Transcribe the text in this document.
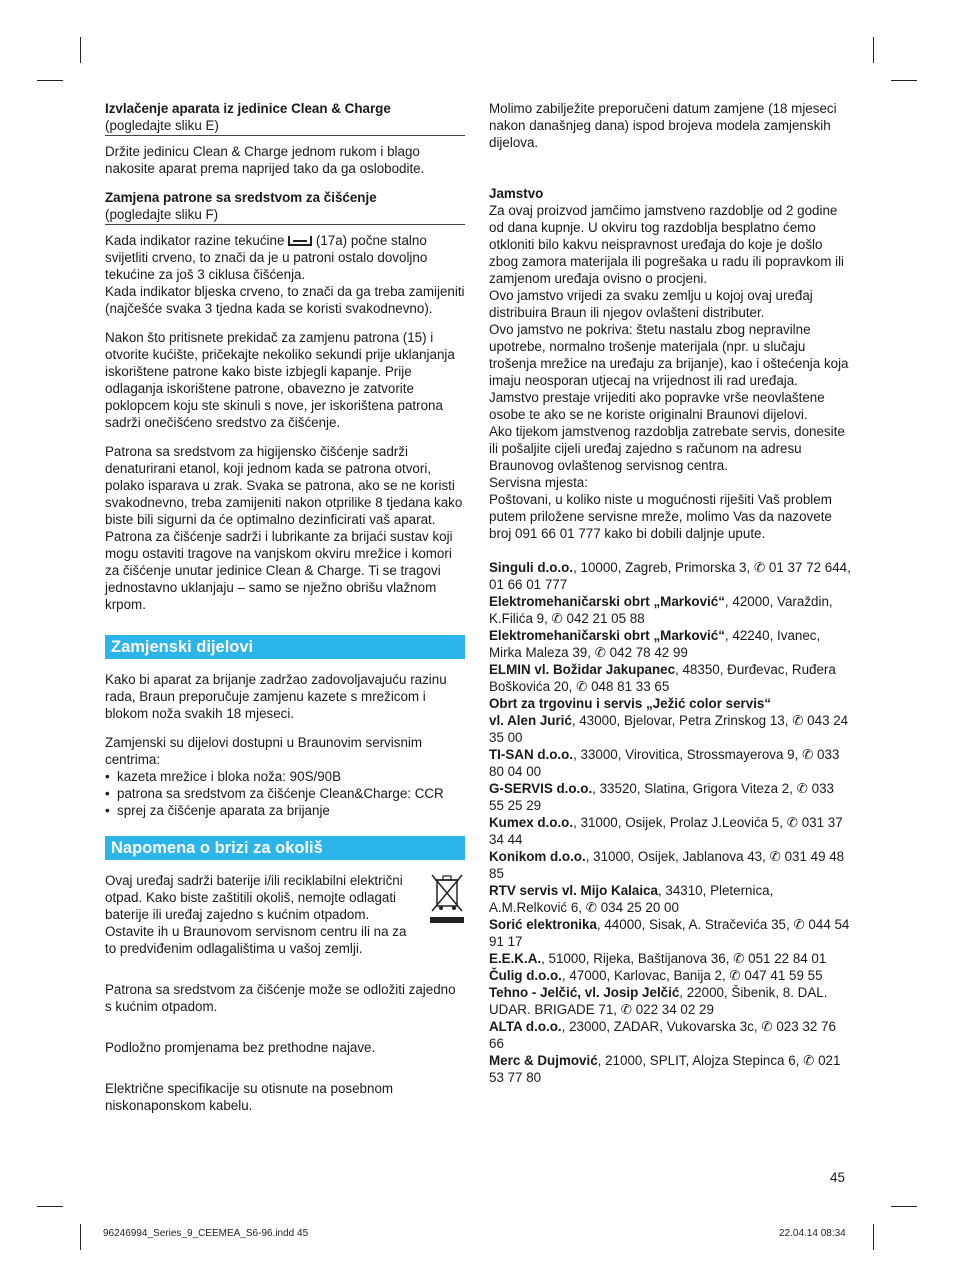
Izvlačenje aparata iz jedinice Clean & Charge
(pogledajte sliku E)

Držite jedinicu Clean & Charge jednom rukom i blago nakosite aparat prema naprijed tako da ga oslobodite.

Zamjena patrone sa sredstvom za čišćenje
(pogledajte sliku F)

Kada indikator razine tekućine (17a) počne stalno svijetliti crveno, to znači da je u patroni ostalo dovoljno tekućine za još 3 ciklusa čišćenja.

Kada indikator bljeska crveno, to znači da ga treba zamijeniti (najčešće svaka 3 tjedna kada se koristi svakodnevno).

Nakon što pritisnete prekidač za zamjenu patrona (15) i otvorite kućište, pričekajte nekoliko sekundi prije uklanjanja iskorištene patrone kako biste izbjegli kapanje. Prije odlaganja iskorištene patrone, obavezno je zatvorite poklopcem koju ste skinuli s nove, jer iskorištena patrona sadrži onečišćeno sredstvo za čišćenje.

Patrona sa sredstvom za higijensko čišćenje sadrži denaturirani etanol, koji jednom kada se patrona otvori, polako isparava u zrak. Svaka se patrona, ako se ne koristi svakodnevno, treba zamijeniti nakon otprilike 8 tjedana kako biste bili sigurni da će optimalno dezinficirati vaš aparat. Patrona za čišćenje sadrži i lubrikante za brijaći sustav koji mogu ostaviti tragove na vanjskom okviru mrežice i komori za čišćenje unutar jedinice Clean & Charge. Ti se tragovi jednostavno uklanjaju – samo se nježno obrišu vlažnom krpom.

Zamjenski dijelovi

Kako bi aparat za brijanje zadržao zadovoljavajuću razinu rada, Braun preporučuje zamjenu kazete s mrežicom i blokom noža svakih 18 mjeseci.

Zamjenski su dijelovi dostupni u Braunovim servisnim centrima:

• kazeta mrežice i bloka noža: 90S/90B
• patrona sa sredstvom za čišćenje Clean&Charge: CCR
• sprej za čišćenje aparata za brijanje
Napomena o brizi za okoliš

Ovaj uređaj sadrži baterije i/ili reciklabilni električni otpad. Kako biste zaštitili okoliš, nemojte odlagati baterije ili uređaj zajedno s kućnim otpadom. Ostavite ih u Braunovom servisnom centru ili na za to predviđenim odlagalištima u vašoj zemlji.

Patrona sa sredstvom za čišćenje može se odložiti zajedno s kućnim otpadom.

Podložno promjenama bez prethodne najave.

Električne specifikacije su otisnute na posebnom niskonaponskom kabelu.

Molimo zabilježite preporučeni datum zamjene (18 mjeseci nakon današnjeg dana) ispod brojeva modela zamjenskih dijelova.

Jamstvo

Za ovaj proizvod jamčimo jamstveno razdoblje od 2 godine od dana kupnje. U okviru tog razdoblja besplatno ćemo otkloniti bilo kakvu neispravnost uređaja do koje je došlo zbog zamora materijala ili pogrešaka u radu ili popravkom ili zamjenom uređaja ovisno o procjeni.

Ovo jamstvo vrijedi za svaku zemlju u kojoj ovaj uređaj distribuira Braun ili njegov ovlašteni distributer.

Ovo jamstvo ne pokriva: štetu nastalu zbog nepravilne upotrebe, normalno trošenje materijala (npr. u slučaju trošenja mrežice na uređaju za brijanje), kao i oštećenja koja imaju neosporan utjecaj na vrijednost ili rad uređaja. Jamstvo prestaje vrijediti ako popravke vrše neovlaštene osobe te ako se ne koriste originalni Braunovi dijelovi.

Ako tijekom jamstvenog razdoblja zatrebate servis, donesite ili pošaljite cijeli uređaj zajedno s računom na adresu Braunovog ovlaštenog servisnog centra.

Servisna mjesta:

Poštovani, u koliko niste u mogućnosti riješiti Vaš problem putem priložene servisne mreže, molimo Vas da nazovete broj 091 66 01 777 kako bi dobili daljnje upute.

Singuli d.o.o., 10000, Zagreb, Primorska 3, ✆ 01 37 72 644, 01 66 01 777

Elektromehaničarski obrt „Marković“, 42000, Varaždin, K.Filića 9, ✆ 042 21 05 88

Elektromehaničarski obrt „Marković“, 42240, Ivanec, Mirka Maleza 39, ✆ 042 78 42 99

ELMIN vl. Božidar Jakupanec, 48350, Đurđevac, Ruđera Boškovića 20, ✆ 048 81 33 65

Obrt za trgovinu i servis „Ježić color servis“
vl. Alen Jurić, 43000, Bjelovar, Petra Zrinskog 13, ✆ 043 24 35 00

TI-SAN d.o.o., 33000, Virovitica, Strossmayerova 9, ✆ 033 80 04 00

G-SERVIS d.o.o., 33520, Slatina, Grigora Viteza 2, ✆ 033 55 25 29

Kumex d.o.o., 31000, Osijek, Prolaz J.Leovića 5, ✆ 031 37 34 44

Konikom d.o.o., 31000, Osijek, Jablanova 43, ✆ 031 49 48 85

RTV servis vl. Mijo Kalaica, 34310, Pleternica, A.M.Relković 6, ✆ 034 25 20 00

Sorić elektronika, 44000, Sisak, A. Stračevića 35, ✆ 044 54 91 17

E.E.K.A., 51000, Rijeka, Baštijanova 36, ✆ 051 22 84 01

Čulig d.o.o., 47000, Karlovac, Banija 2, ✆ 047 41 59 55

Tehno - Jelčić, vl. Josip Jelčić, 22000, Šibenik, 8. DAL. UDAR. BRIGADE 71, ✆ 022 34 02 29

ALTA d.o.o., 23000, ZADAR, Vukovarska 3c, ✆ 023 32 76 66

Merc & Dujmović, 21000, SPLIT, Alojza Stepinca 6, ✆ 021 53 77 80

45
96246994_Series_9_CEEMEA_S6-96.indd 45	22.04.14 08:34
